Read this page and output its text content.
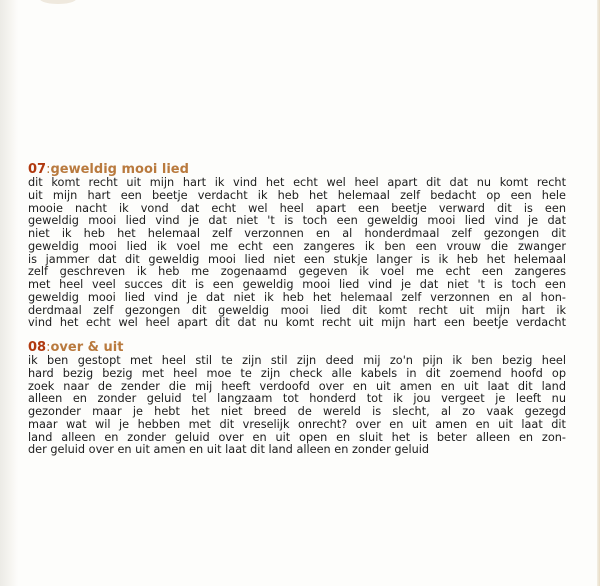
07:geweldig mooi lied
dit komt recht uit mijn hart ik vind het echt wel heel apart dit dat nu komt recht
uit mijn hart een beetje verdacht ik heb het helemaal zelf bedacht op een hele
mooie nacht ik vond dat echt wel heel apart een beetje verward dit is een
geweldig mooi lied vind je dat niet 't is toch een geweldig mooi lied vind je dat
niet ik heb het helemaal zelf verzonnen en al honderdmaal zelf gezongen dit
geweldig mooi lied ik voel me echt een zangeres ik ben een vrouw die zwanger
is jammer dat dit geweldig mooi lied niet een stukje langer is ik heb het helemaal
zelf geschreven ik heb me zogenaamd gegeven ik voel me echt een zangeres
met heel veel succes dit is een geweldig mooi lied vind je dat niet 't is toch een
geweldig mooi lied vind je dat niet ik heb het helemaal zelf verzonnen en al hon-
derdmaal zelf gezongen dit geweldig mooi lied dit komt recht uit mijn hart ik
vind het echt wel heel apart dit dat nu komt recht uit mijn hart een beetje verdacht
08:over & uit
ik ben gestopt met heel stil te zijn stil zijn deed mij zo'n pijn ik ben bezig heel
hard bezig bezig met heel moe te zijn check alle kabels in dit zoemend hoofd op
zoek naar de zender die mij heeft verdoofd over en uit amen en uit laat dit land
alleen en zonder geluid tel langzaam tot honderd tot ik jou vergeet je leeft nu
gezonder maar je hebt het niet breed de wereld is slecht, al zo vaak gezegd
maar wat wil je hebben met dit vreselijk onrecht? over en uit amen en uit laat dit
land alleen en zonder geluid over en uit open en sluit het is beter alleen en zon-
der geluid over en uit amen en uit laat dit land alleen en zonder geluid
